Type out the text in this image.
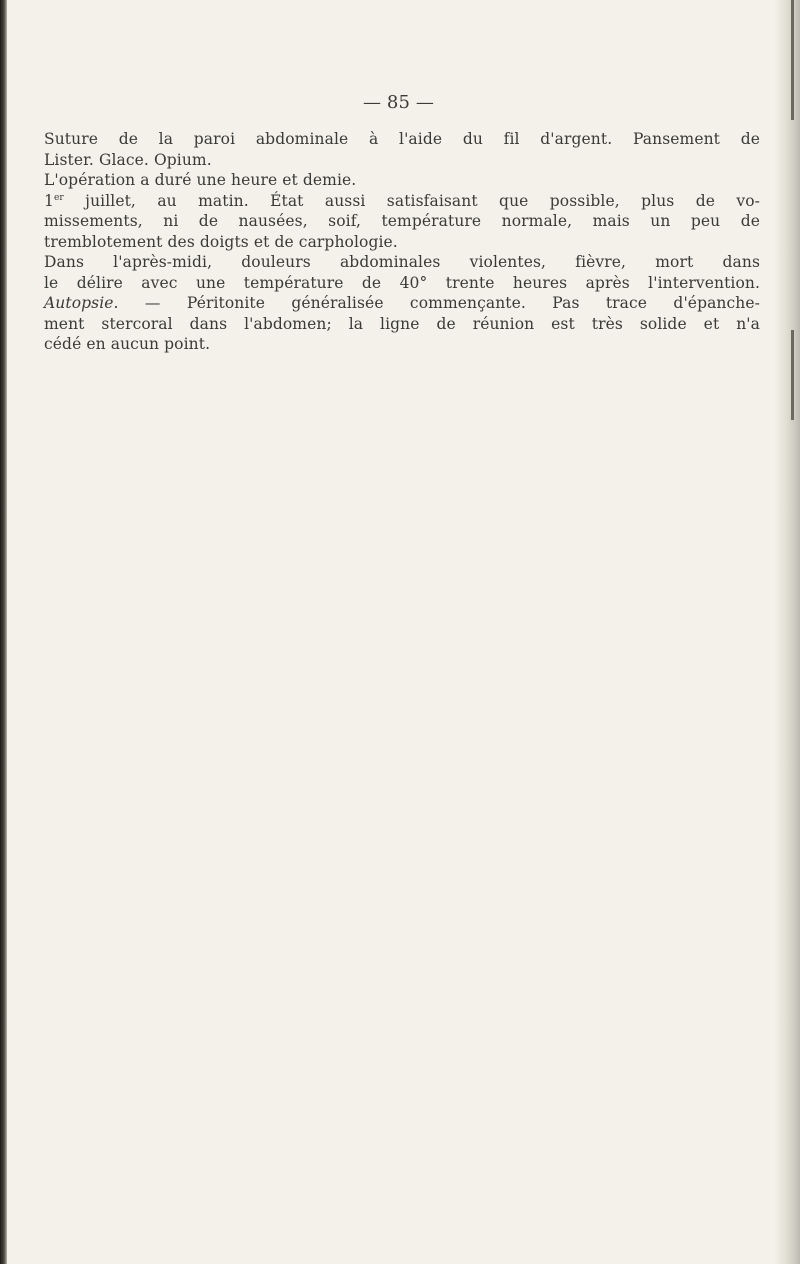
— 85 —

Suture de la paroi abdominale à l'aide du fil d'argent. Pansement de
Lister. Glace. Opium.

L'opération a duré une heure et demie.

1er juillet, au matin. État aussi satisfaisant que possible, plus de vo-
missements, ni de nausées, soif, température normale, mais un peu de
tremblotement des doigts et de carphologie.

Dans l'après-midi, douleurs abdominales violentes, fièvre, mort dans
le délire avec une température de 40° trente heures après l'intervention.

Autopsie. — Péritonite généralisée commençante. Pas trace d'épanche-
ment stercoral dans l'abdomen; la ligne de réunion est très solide et n'a
cédé en aucun point.
